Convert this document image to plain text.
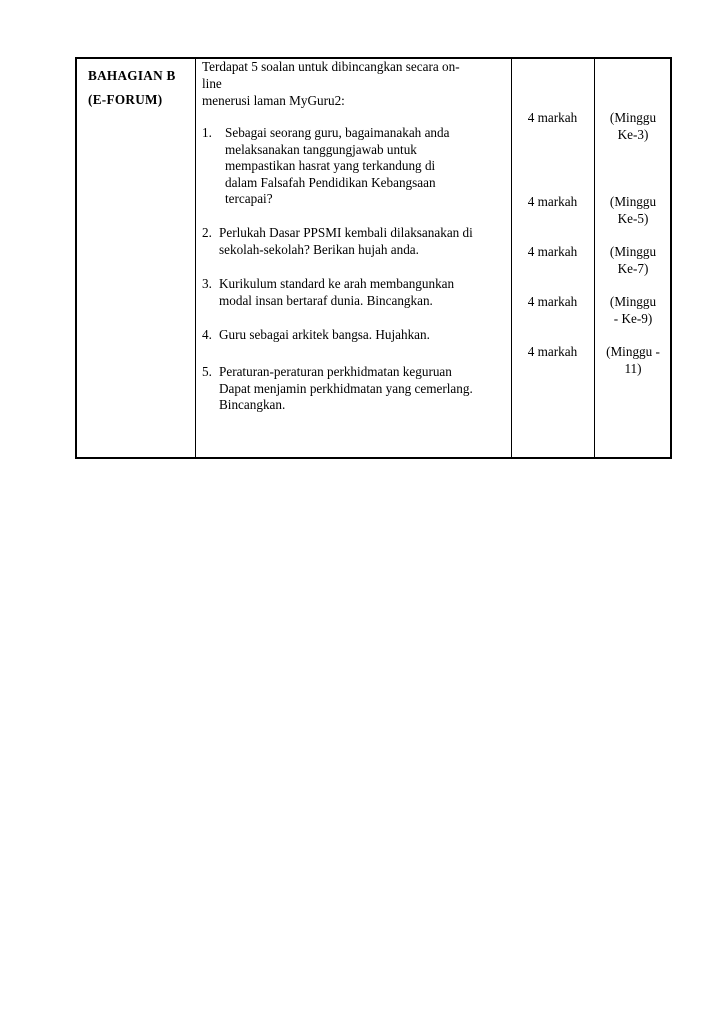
BAHAGIAN B
(E-FORUM)
Terdapat 5 soalan untuk dibincangkan secara on-
line
menerusi laman MyGuru2:
1. Sebagai seorang guru, bagaimanakah anda
melaksanakan tanggungjawab untuk
mempastikan hasrat yang terkandung di
dalam Falsafah Pendidikan Kebangsaan
tercapai?
2. Perlukah Dasar PPSMI kembali dilaksanakan di
sekolah-sekolah? Berikan hujah anda.
3. Kurikulum standard ke arah membangunkan
modal insan bertaraf dunia. Bincangkan.
4. Guru sebagai arkitek bangsa. Hujahkan.
5. Peraturan-peraturan perkhidmatan keguruan
Dapat menjamin perkhidmatan yang cemerlang.
Bincangkan.
4 markah
4 markah
4 markah
4 markah
4 markah
(Minggu
Ke-3)
(Minggu
Ke-5)
(Minggu
Ke-7)
(Minggu
- Ke-9)
(Minggu -
11)
